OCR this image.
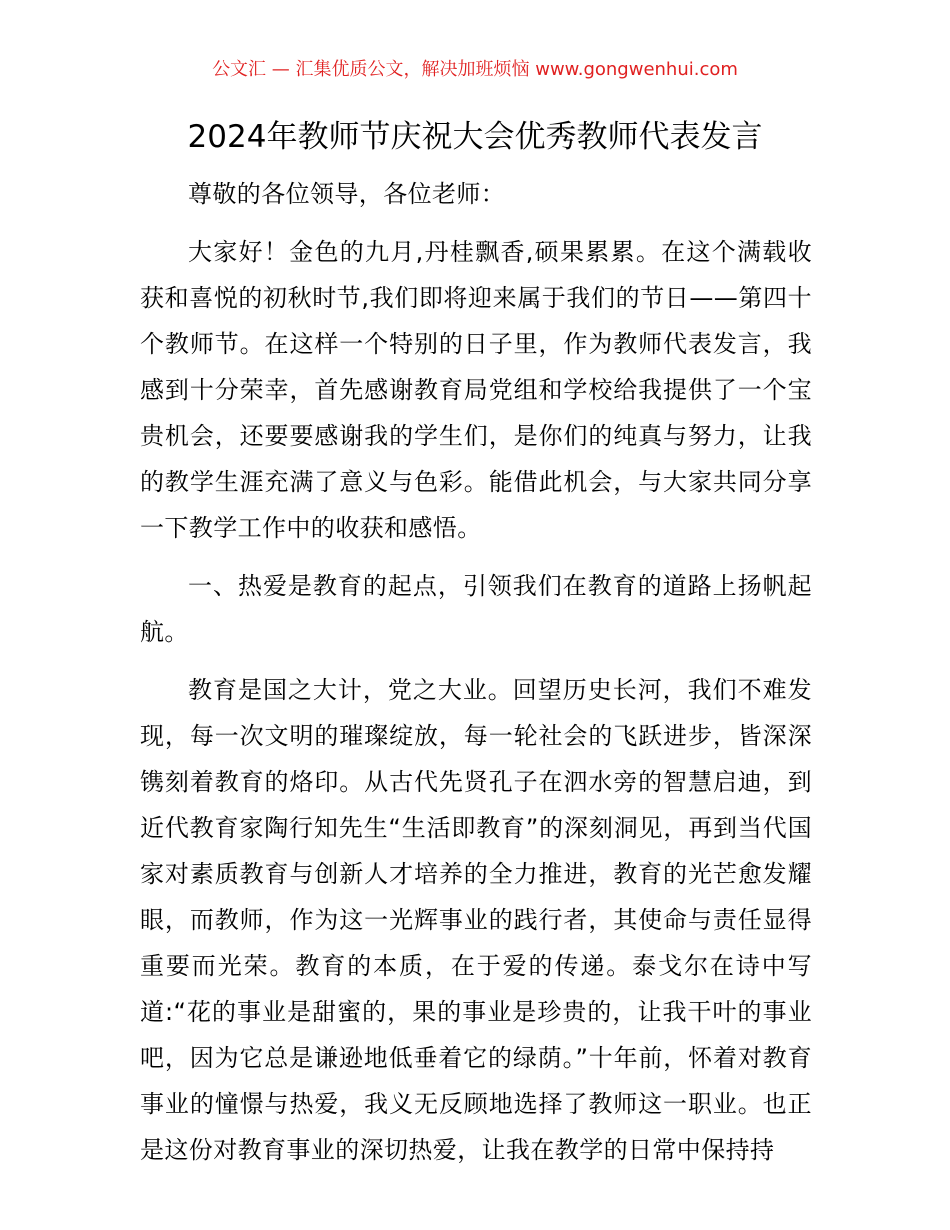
公文汇 — 汇集优质公文，解决加班烦恼 www.gongwenhui.com
2024年教师节庆祝大会优秀教师代表发言

尊敬的各位领导，各位老师：

大家好！金色的九月,丹桂飘香,硕果累累。在这个满载收获和喜悦的初秋时节,我们即将迎来属于我们的节日——第四十个教师节。在这样一个特别的日子里，作为教师代表发言，我感到十分荣幸，首先感谢教育局党组和学校给我提供了一个宝贵机会，还要要感谢我的学生们，是你们的纯真与努力，让我的教学生涯充满了意义与色彩。能借此机会，与大家共同分享一下教学工作中的收获和感悟。

一、热爱是教育的起点，引领我们在教育的道路上扬帆起航。

教育是国之大计，党之大业。回望历史长河，我们不难发现，每一次文明的璀璨绽放，每一轮社会的飞跃进步，皆深深镌刻着教育的烙印。从古代先贤孔子在泗水旁的智慧启迪，到近代教育家陶行知先生“生活即教育”的深刻洞见，再到当代国家对素质教育与创新人才培养的全力推进，教育的光芒愈发耀眼，而教师，作为这一光辉事业的践行者，其使命与责任显得重要而光荣。教育的本质，在于爱的传递。泰戈尔在诗中写道:“花的事业是甜蜜的，果的事业是珍贵的，让我干叶的事业吧，因为它总是谦逊地低垂着它的绿荫。”十年前，怀着对教育事业的憧憬与热爱，我义无反顾地选择了教师这一职业。也正是这份对教育事业的深切热爱，让我在教学的日常中保持持
